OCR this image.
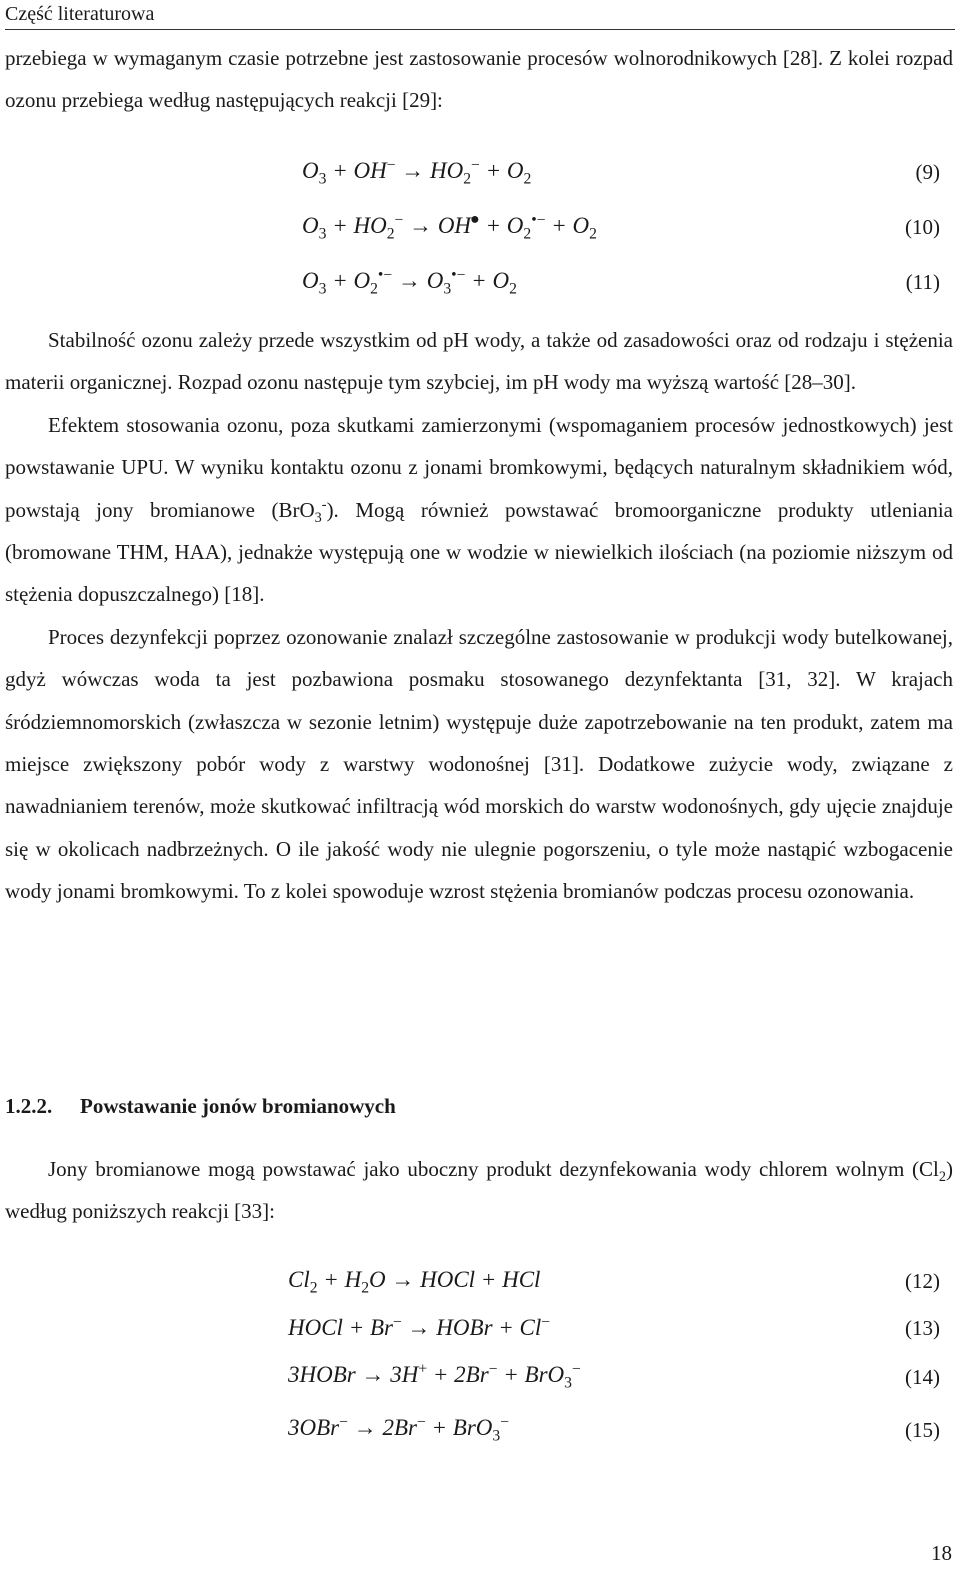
Część literaturowa

przebiega w wymaganym czasie potrzebne jest zastosowanie procesów wolnorodnikowych [28]. Z kolei rozpad ozonu przebiega według następujących reakcji [29]:

$O_3 + OH^- \to HO_2^- + O_2$	(9)
$O_3 + HO_2^- \to OH^● + O_2^{•-} + O_2$	(10)
$O_3 + O_2^{•-} \to O_3^{•-} + O_2$	(11)

Stabilność ozonu zależy przede wszystkim od pH wody, a także od zasadowości oraz od rodzaju i stężenia materii organicznej. Rozpad ozonu następuje tym szybciej, im pH wody ma wyższą wartość [28–30].

Efektem stosowania ozonu, poza skutkami zamierzonymi (wspomaganiem procesów jednostkowych) jest powstawanie UPU. W wyniku kontaktu ozonu z jonami bromkowymi, będących naturalnym składnikiem wód, powstają jony bromianowe (BrO$_3$-). Mogą również powstawać bromoorganiczne produkty utleniania (bromowane THM, HAA), jednakże występują one w wodzie w niewielkich ilościach (na poziomie niższym od stężenia dopuszczalnego) [18].

Proces dezynfekcji poprzez ozonowanie znalazł szczególne zastosowanie w produkcji wody butelkowanej, gdyż wówczas woda ta jest pozbawiona posmaku stosowanego dezynfektanta [31, 32]. W krajach śródziemnomorskich (zwłaszcza w sezonie letnim) występuje duże zapotrzebowanie na ten produkt, zatem ma miejsce zwiększony pobór wody z warstwy wodonośnej [31]. Dodatkowe zużycie wody, związane z nawadnianiem terenów, może skutkować infiltracją wód morskich do warstw wodonośnych, gdy ujęcie znajduje się w okolicach nadbrzeżnych. O ile jakość wody nie ulegnie pogorszeniu, o tyle może nastąpić wzbogacenie wody jonami bromkowymi. To z kolei spowoduje wzrost stężenia bromianów podczas procesu ozonowania.

1.2.2. Powstawanie jonów bromianowych

Jony bromianowe mogą powstawać jako uboczny produkt dezynfekowania wody chlorem wolnym $(Cl_2)$ według poniższych reakcji [33]:

$Cl_2 + H_2O$ → HOCl + HCl	(12)
HOCl + Br− → HOBr + Cl−	(13)
3HOBr → 3H+ + 2Br− + BrO$_3$−	(14)
3OBr− → 2Br− + BrO$_3$−	(15)
18
